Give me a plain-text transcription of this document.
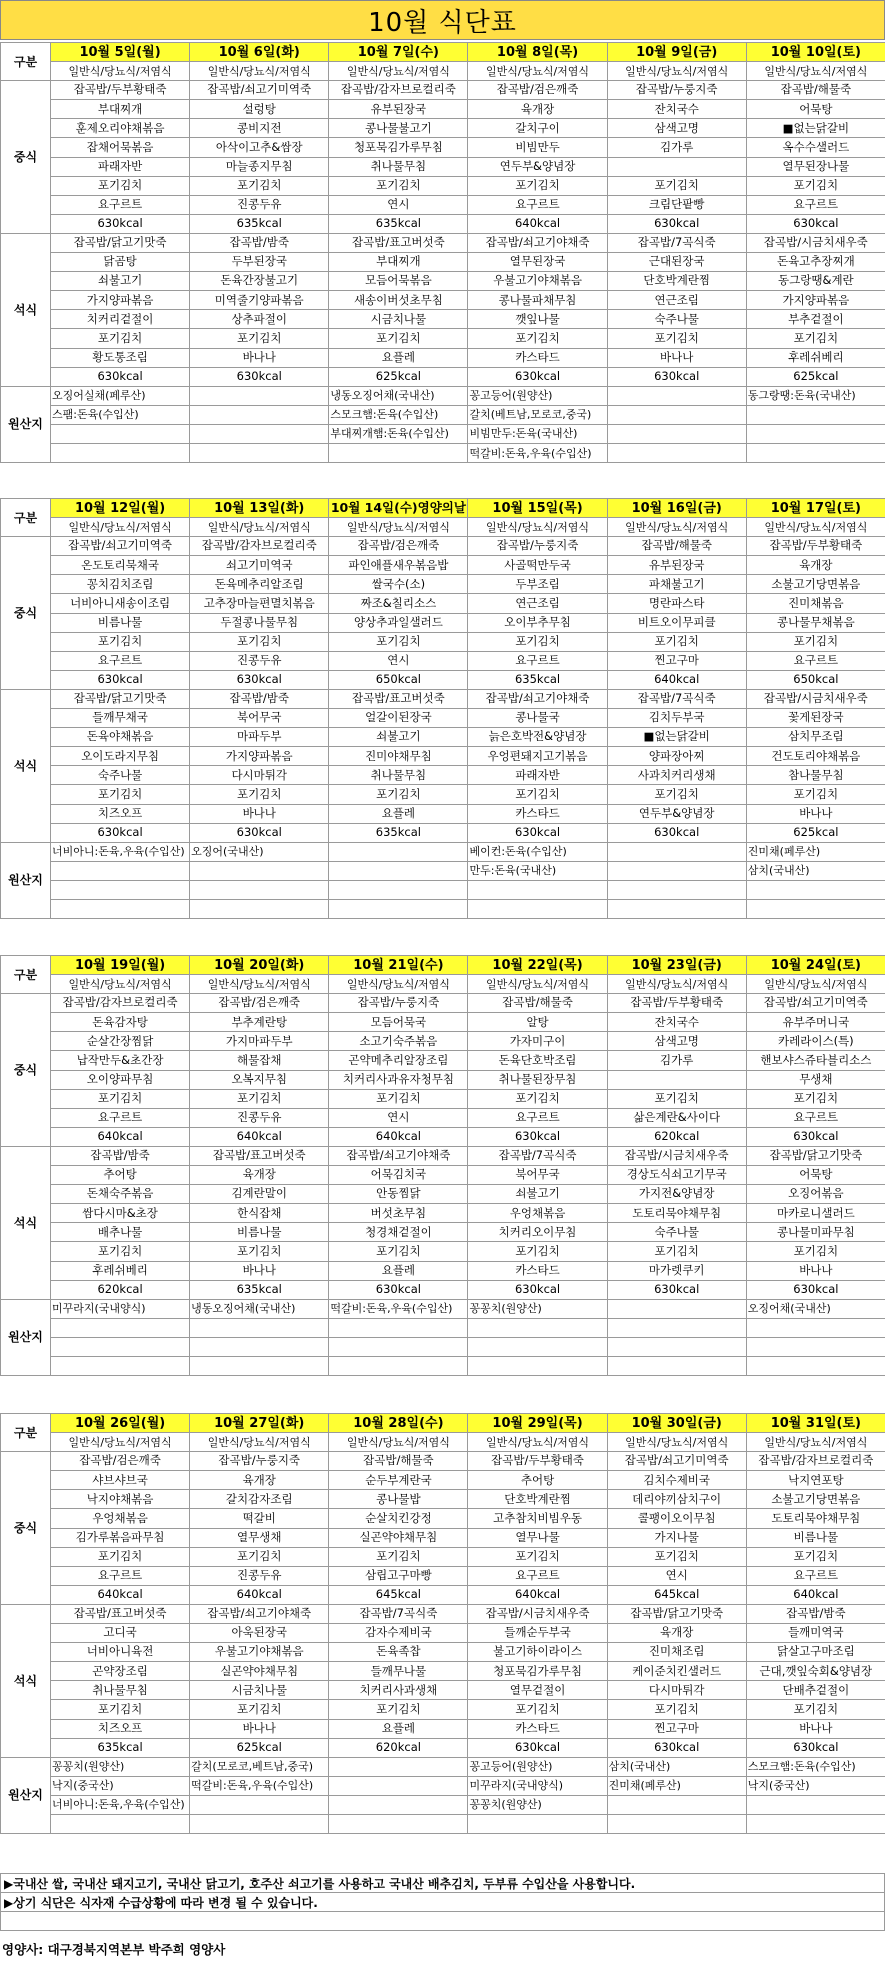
10월 식단표
구분	10월 5일(월)	10월 6일(화)	10월 7일(수)	10월 8일(목)	10월 9일(금)	10월 10일(토)
	일반식/당뇨식/저염식	일반식/당뇨식/저염식	일반식/당뇨식/저염식	일반식/당뇨식/저염식	일반식/당뇨식/저염식	일반식/당뇨식/저염식
중식	잡곡밥/두부황태죽	잡곡밥/쇠고기미역죽	잡곡밥/감자브로컬리죽	잡곡밥/검은깨죽	잡곡밥/누룽지죽	잡곡밥/해물죽
	부대찌개	설렁탕	유부된장국	육개장	잔치국수	어묵탕
	훈제오리야채볶음	콩비지전	콩나물불고기	갈치구이	삼색고명	■없는닭갈비
	잡채어묵볶음	아삭이고추&쌈장	청포묵김가루무침	비빔만두	김가루	옥수수샐러드
	파래자반	마늘종지무침	취나물무침	연두부&양념장		열무된장나물
	포기김치	포기김치	포기김치	포기김치	포기김치	포기김치
	요구르트	진콩두유	연시	요구르트	크림단팥빵	요구르트
	630kcal	635kcal	635kcal	640kcal	630kcal	630kcal
석식	잡곡밥/닭고기맛죽	잡곡밥/밤죽	잡곡밥/표고버섯죽	잡곡밥/쇠고기야채죽	잡곡밥/7곡식죽	잡곡밥/시금치새우죽
	닭곰탕	두부된장국	부대찌개	열무된장국	근대된장국	돈육고추장찌개
	쇠불고기	돈육간장불고기	모듬어묵볶음	우불고기야채볶음	단호박계란찜	동그랑땡&계란
	가지양파볶음	미역줄기양파볶음	새송이버섯초무침	콩나물파채무침	연근조림	가지양파볶음
	치커리겉절이	상추파절이	시금치나물	깻잎나물	숙주나물	부추겉절이
	포기김치	포기김치	포기김치	포기김치	포기김치	포기김치
	황도통조림	바나나	요플레	카스타드	바나나	후레쉬베리
	630kcal	630kcal	625kcal	630kcal	630kcal	625kcal
원산지	오징어실채(페루산)		냉동오징어채(국내산)	꽁고등어(원양산)		동그랑땡:돈육(국내산)
	스팸:돈육(수입산)		스모크햄:돈육(수입산)	갈치(베트남,모로코,중국)		
			부대찌개햄:돈육(수입산)	비빔만두:돈육(국내산)		
				떡갈비:돈육,우육(수입산)		
구분	10월 12일(월)	10월 13일(화)	10월 14일(수)영양의날	10월 15일(목)	10월 16일(금)	10월 17일(토)
	일반식/당뇨식/저염식	일반식/당뇨식/저염식	일반식/당뇨식/저염식	일반식/당뇨식/저염식	일반식/당뇨식/저염식	일반식/당뇨식/저염식
중식	잡곡밥/쇠고기미역죽	잡곡밥/감자브로컬리죽	잡곡밥/검은깨죽	잡곡밥/누룽지죽	잡곡밥/해물죽	잡곡밥/두부황태죽
	온도토리묵채국	쇠고기미역국	파인애플새우볶음밥	사골떡만두국	유부된장국	육개장
	꽁치김치조림	돈육메추리알조림	쌀국수(소)	두부조림	파채불고기	소불고기당면볶음
	너비아니새송이조림	고추장마늘편멸치볶음	짜조&칠리소스	연근조림	명란파스타	진미채볶음
	비름나물	두절콩나물무침	양상추과일샐러드	오이부추무침	비트오이무피클	콩나물무채볶음
	포기김치	포기김치	포기김치	포기김치	포기김치	포기김치
	요구르트	진콩두유	연시	요구르트	찐고구마	요구르트
	630kcal	630kcal	650kcal	635kcal	640kcal	650kcal
석식	잡곡밥/닭고기맛죽	잡곡밥/밤죽	잡곡밥/표고버섯죽	잡곡밥/쇠고기야채죽	잡곡밥/7곡식죽	잡곡밥/시금치새우죽
	들깨무채국	북어무국	얼갈이된장국	콩나물국	김치두부국	꽃게된장국
	돈육야채볶음	마파두부	쇠불고기	늙은호박전&양념장	■없는닭갈비	삼치무조림
	오이도라지무침	가지양파볶음	진미야채무침	우엉편돼지고기볶음	양파장아찌	건도토리야채볶음
	숙주나물	다시마튀각	취나물무침	파래자반	사과치커리생채	참나물무침
	포기김치	포기김치	포기김치	포기김치	포기김치	포기김치
	치즈오프	바나나	요플레	카스타드	연두부&양념장	바나나
	630kcal	630kcal	635kcal	630kcal	630kcal	625kcal
원산지	너비아니:돈육,우육(수입산)	오징어(국내산)		베이컨:돈육(수입산)		진미채(페루산)
				만두:돈육(국내산)		삼치(국내산)

구분	10월 19일(월)	10월 20일(화)	10월 21일(수)	10월 22일(목)	10월 23일(금)	10월 24일(토)
	일반식/당뇨식/저염식	일반식/당뇨식/저염식	일반식/당뇨식/저염식	일반식/당뇨식/저염식	일반식/당뇨식/저염식	일반식/당뇨식/저염식
중식	잡곡밥/감자브로컬리죽	잡곡밥/검은깨죽	잡곡밥/누룽지죽	잡곡밥/해물죽	잡곡밥/두부황태죽	잡곡밥/쇠고기미역죽
	돈육감자탕	부추계란탕	모듬어묵국	알탕	잔치국수	유부주머니국
	순살간장찜닭	가지마파두부	소고기숙주볶음	가자미구이	삼색고명	카레라이스(특)
	납작만두&초간장	해물잡채	곤약메추리알장조림	돈육단호박조림	김가루	핸보샤스쥬타블리소스
	오이양파무침	오복지무침	치커리사과유자청무침	취나물된장무침		무생채
	포기김치	포기김치	포기김치	포기김치	포기김치	포기김치
	요구르트	진콩두유	연시	요구르트	삶은계란&사이다	요구르트
	640kcal	640kcal	640kcal	630kcal	620kcal	630kcal
석식	잡곡밥/밤죽	잡곡밥/표고버섯죽	잡곡밥/쇠고기야채죽	잡곡밥/7곡식죽	잡곡밥/시금치새우죽	잡곡밥/닭고기맛죽
	추어탕	육개장	어묵김치국	북어무국	경상도식쇠고기무국	어묵탕
	돈채숙주볶음	김계란말이	안동찜닭	쇠불고기	가지전&양념장	오징어볶음
	쌈다시마&초장	한식잡채	버섯초무침	우엉채볶음	도토리묵야채무침	마카로니샐러드
	배추나물	비름나물	청경채겉절이	치커리오이무침	숙주나물	콩나물미파무침
	포기김치	포기김치	포기김치	포기김치	포기김치	포기김치
	후레쉬베리	바나나	요플레	카스타드	마가렛쿠키	바나나
	620kcal	635kcal	630kcal	630kcal	630kcal	630kcal
원산지	미꾸라지(국내양식)	냉동오징어채(국내산)	떡갈비:돈육,우육(수입산)	꽁꽁치(원양산)		오징어채(국내산)

구분	10월 26일(월)	10월 27일(화)	10월 28일(수)	10월 29일(목)	10월 30일(금)	10월 31일(토)
	일반식/당뇨식/저염식	일반식/당뇨식/저염식	일반식/당뇨식/저염식	일반식/당뇨식/저염식	일반식/당뇨식/저염식	일반식/당뇨식/저염식
중식	잡곡밥/검은깨죽	잡곡밥/누룽지죽	잡곡밥/해물죽	잡곡밥/두부황태죽	잡곡밥/쇠고기미역죽	잡곡밥/감자브로컬리죽
	샤브샤브국	육개장	순두부계란국	추어탕	김치수제비국	낙지연포탕
	낙지야채볶음	갈치감자조림	콩나물밥	단호박계란찜	데리야끼삼치구이	소불고기당면볶음
	우엉채볶음	떡갈비	순살치킨강정	고추참치비빔우동	콜팽이오이무침	도토리묵야채무침
	김가루볶음파무침	열무생채	실곤약야채무침	열무나물	가지나물	비름나물
	포기김치	포기김치	포기김치	포기김치	포기김치	포기김치
	요구르트	진콩두유	삼립고구마빵	요구르트	연시	요구르트
	640kcal	640kcal	645kcal	640kcal	645kcal	640kcal
석식	잡곡밥/표고버섯죽	잡곡밥/쇠고기야채죽	잡곡밥/7곡식죽	잡곡밥/시금치새우죽	잡곡밥/닭고기맛죽	잡곡밥/밤죽
	고디국	아욱된장국	감자수제비국	들깨순두부국	육개장	들깨미역국
	너비아니육전	우불고기야채볶음	돈육족찹	불고기하이라이스	진미채조림	닭살고구마조림
	곤약장조림	실곤약야채무침	들깨무나물	청포묵김가루무침	케이준치킨샐러드	근대,깻잎숙회&양념장
	취나물무침	시금치나물	치커리사과생채	열무겉절이	다시마튀각	단배추겉절이
	포기김치	포기김치	포기김치	포기김치	포기김치	포기김치
	치즈오프	바나나	요플레	카스타드	찐고구마	바나나
	635kcal	625kcal	620kcal	630kcal	630kcal	630kcal
원산지	꽁꽁치(원양산)	갈치(모로코,베트남,중국)		꽁고등어(원양산)	삼치(국내산)	스모크햄:돈육(수입산)
	낙지(중국산)	떡갈비:돈육,우육(수입산)		미꾸라지(국내양식)	진미채(페루산)	낙지(중국산)
	너비아니:돈육,우육(수입산)			꽁꽁치(원양산)		

▶국내산 쌀, 국내산 돼지고기, 국내산 닭고기, 호주산 쇠고기를 사용하고 국내산 배추김치, 두부류 수입산을 사용합니다.
▶상기 식단은 식자재 수급상황에 따라 변경 될 수 있습니다.

영양사: 대구경북지역본부 박주희 영양사
